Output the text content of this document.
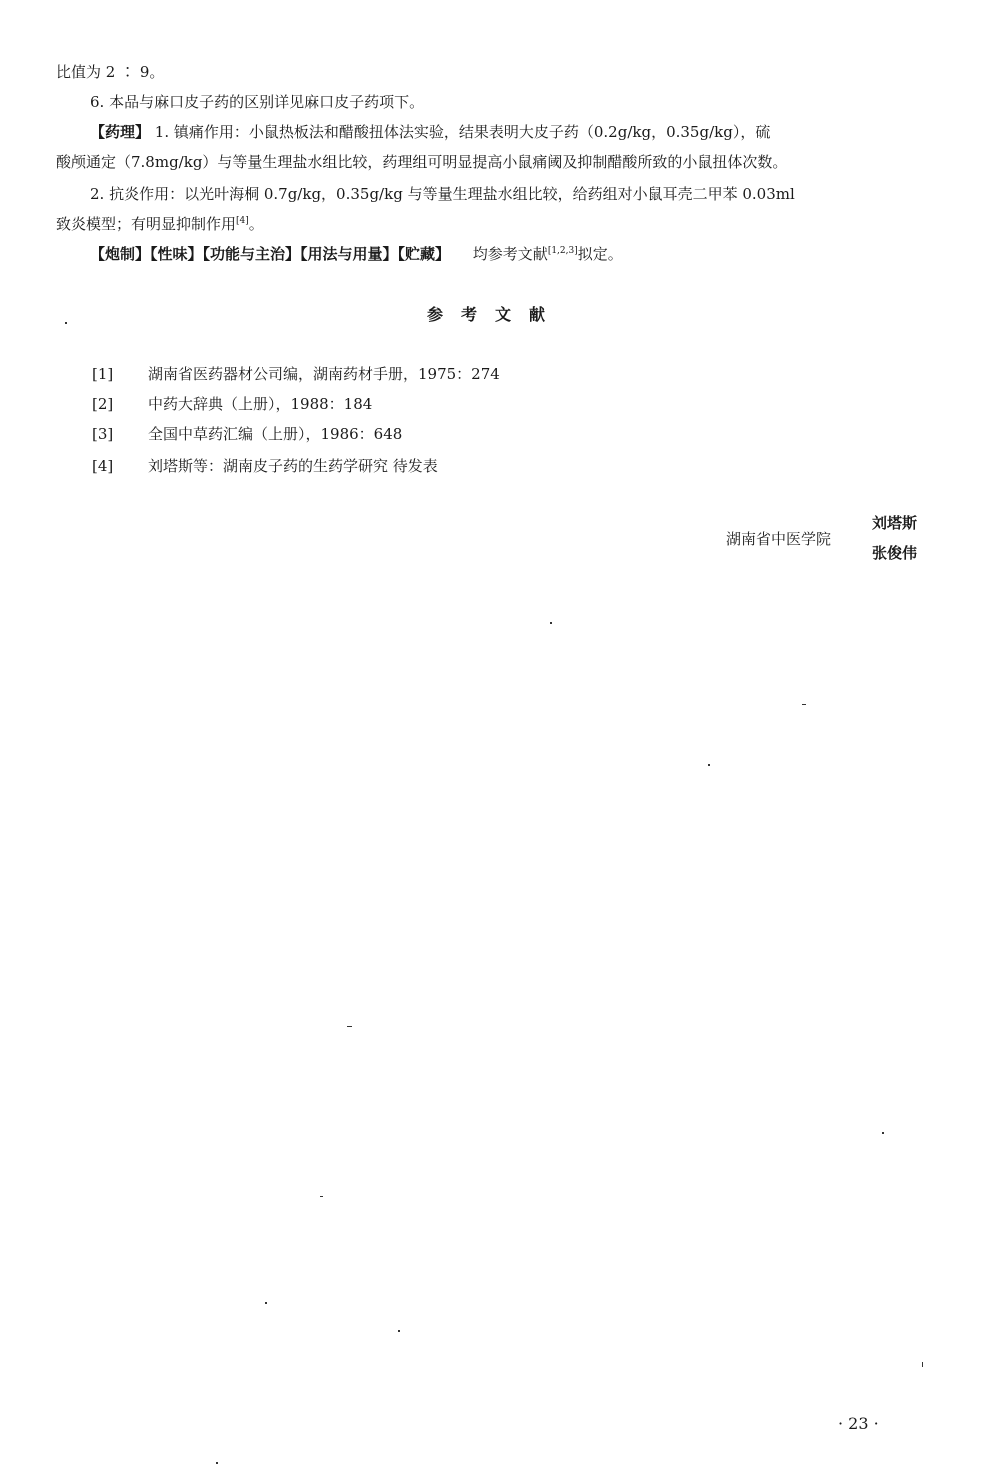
比值为 2 ∶ 9。
6. 本品与麻口皮子药的区别详见麻口皮子药项下。
【药理】 1. 镇痛作用：小鼠热板法和醋酸扭体法实验，结果表明大皮子药（0.2g/kg，0.35g/kg），硫
酸颅通定（7.8mg/kg）与等量生理盐水组比较，药理组可明显提高小鼠痛阈及抑制醋酸所致的小鼠扭体次数。
2. 抗炎作用：以光叶海桐 0.7g/kg，0.35g/kg 与等量生理盐水组比较，给药组对小鼠耳壳二甲苯 0.03ml
致炎模型；有明显抑制作用[4]。
【炮制】【性味】【功能与主治】【用法与用量】【贮藏】 均参考文献[1,2,3]拟定。
参考文献
[1] 湖南省医药器材公司编，湖南药材手册，1975：274
[2] 中药大辞典（上册），1988：184
[3] 全国中草药汇编（上册），1986：648
[4] 刘塔斯等：湖南皮子药的生药学研究 待发表
湖南省中医学院
刘塔斯
张俊伟
· 23 ·
